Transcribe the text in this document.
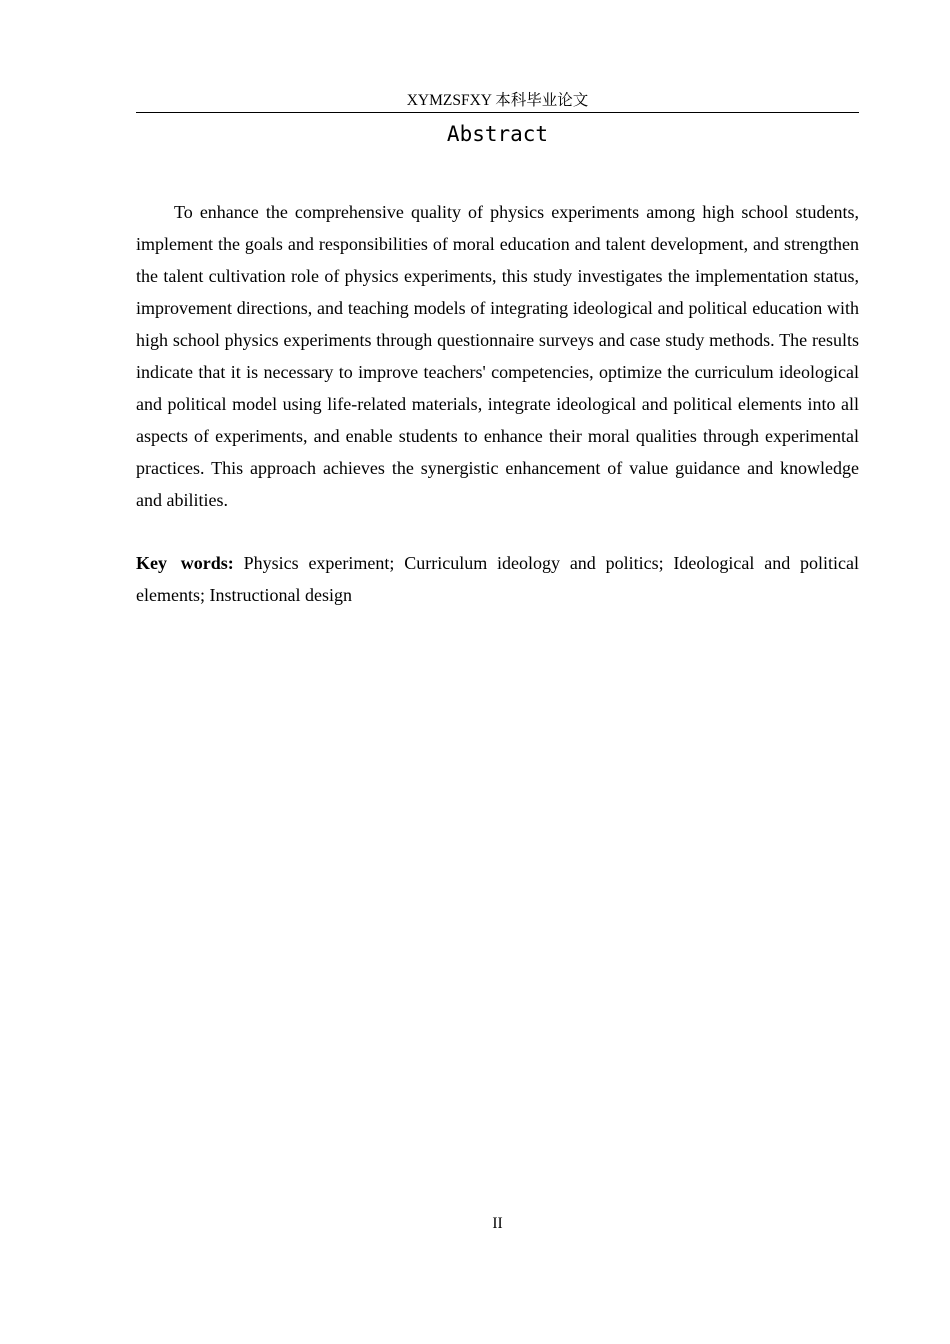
XYMZSFXY 本科毕业论文
Abstract

To enhance the comprehensive quality of physics experiments among high school students, implement the goals and responsibilities of moral education and talent development, and strengthen the talent cultivation role of physics experiments, this study investigates the implementation status, improvement directions, and teaching models of integrating ideological and political education with high school physics experiments through questionnaire surveys and case study methods. The results indicate that it is necessary to improve teachers' competencies, optimize the curriculum ideological and political model using life-related materials, integrate ideological and political elements into all aspects of experiments, and enable students to enhance their moral qualities through experimental practices. This approach achieves the synergistic enhancement of value guidance and knowledge and abilities.

Key words: Physics experiment; Curriculum ideology and politics; Ideological and political elements; Instructional design

II
